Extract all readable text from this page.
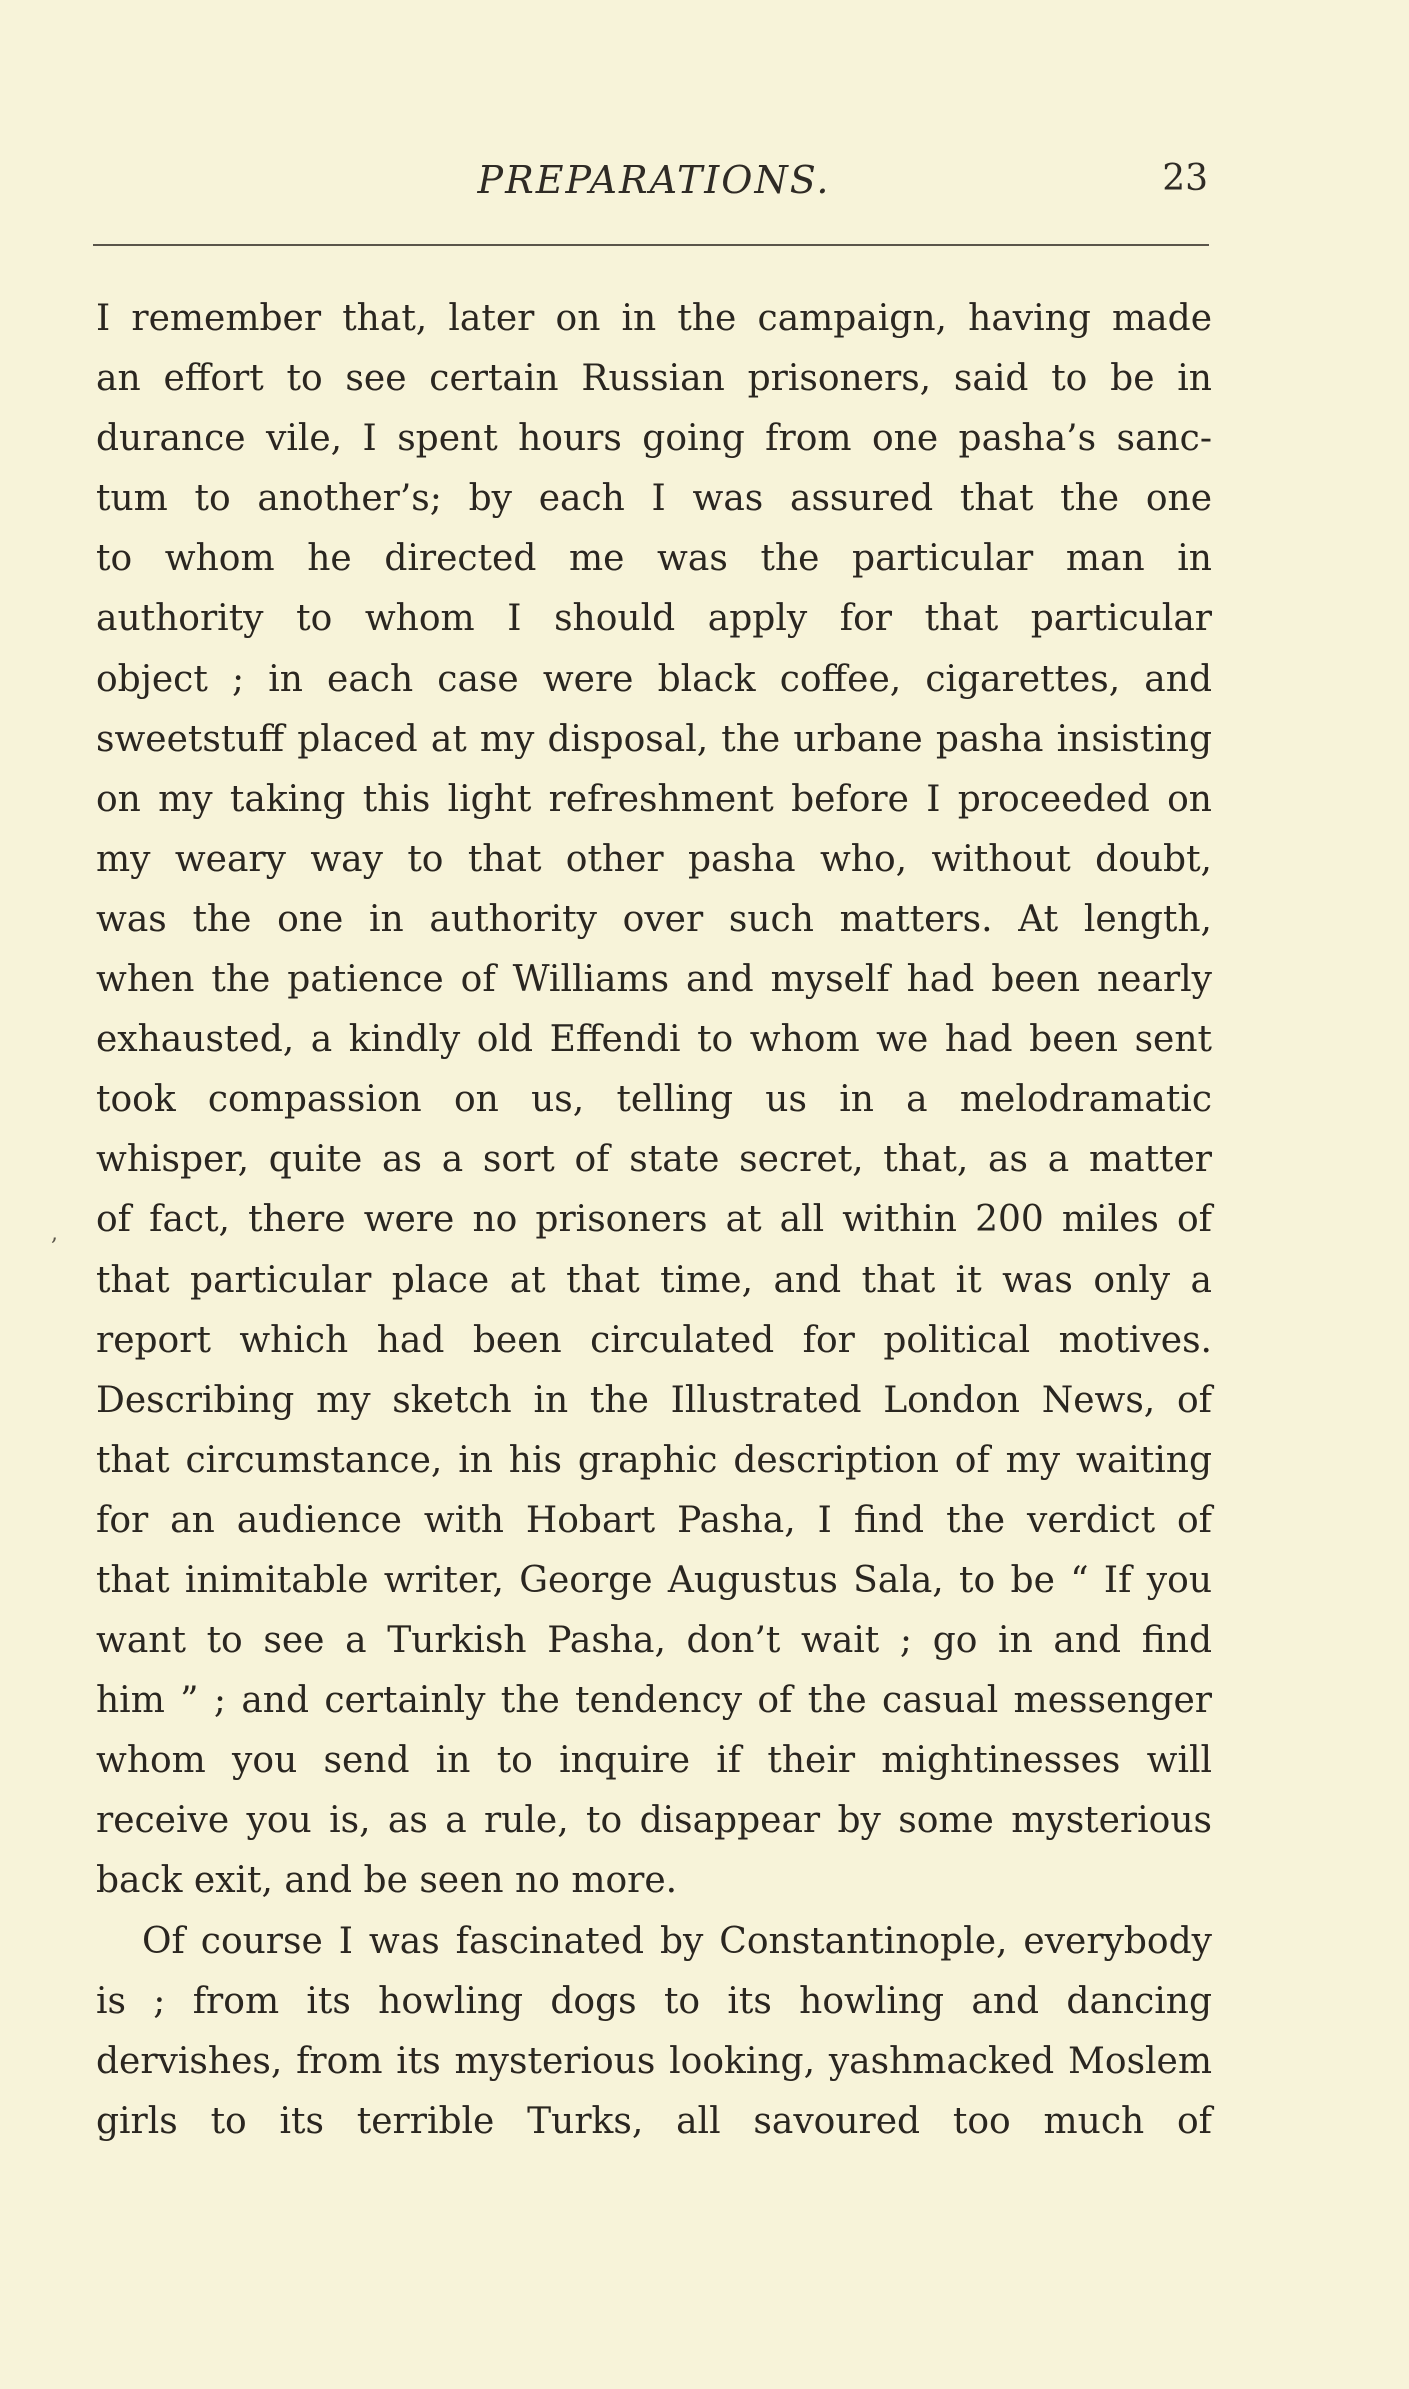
PREPARATIONS.	23
,
I remember that, later on in the campaign, having made
an effort to see certain Russian prisoners, said to be in
durance vile, I spent hours going from one pasha’s sanc-
tum to another’s; by each I was assured that the one
to whom he directed me was the particular man in
authority to whom I should apply for that particular
object ; in each case were black coffee, cigarettes, and
sweetstuff placed at my disposal, the urbane pasha insisting
on my taking this light refreshment before I proceeded on
my weary way to that other pasha who, without doubt,
was the one in authority over such matters. At length,
when the patience of Williams and myself had been nearly
exhausted, a kindly old Effendi to whom we had been sent
took compassion on us, telling us in a melodramatic
whisper, quite as a sort of state secret, that, as a matter
of fact, there were no prisoners at all within 200 miles of
that particular place at that time, and that it was only a
report which had been circulated for political motives.
Describing my sketch in the Illustrated London News, of
that circumstance, in his graphic description of my waiting
for an audience with Hobart Pasha, I find the verdict of
that inimitable writer, George Augustus Sala, to be “ If you
want to see a Turkish Pasha, don’t wait ; go in and find
him ” ; and certainly the tendency of the casual messenger
whom you send in to inquire if their mightinesses will
receive you is, as a rule, to disappear by some mysterious
back exit, and be seen no more.
Of course I was fascinated by Constantinople, everybody
is ; from its howling dogs to its howling and dancing
dervishes, from its mysterious looking, yashmacked Moslem
girls to its terrible Turks, all savoured too much of
